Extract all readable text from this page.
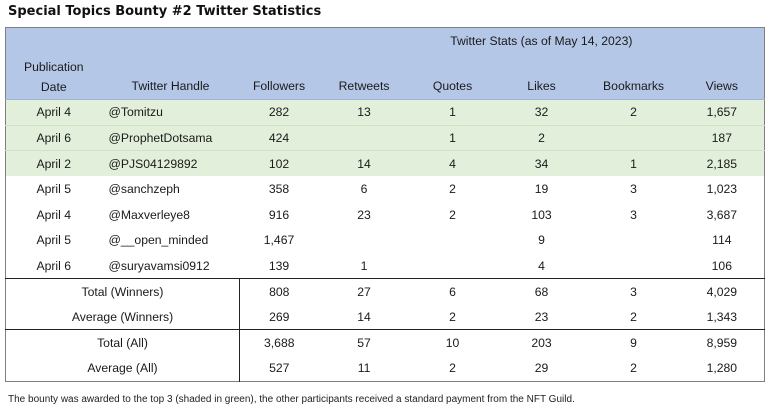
Special Topics Bounty #2 Twitter Statistics
			Twitter Stats (as of May 14, 2023)				
Publication
Date	Twitter Handle	Followers	Retweets	Quotes	Likes	Bookmarks	Views
April 4	@Tomitzu	282	13	1	32	2	1,657
April 6	@ProphetDotsama	424		1	2		187
April 2	@PJS04129892	102	14	4	34	1	2,185
April 5	@sanchzeph	358	6	2	19	3	1,023
April 4	@Maxverleye8	916	23	2	103	3	3,687
April 5	@__open_minded	1,467			9		114
April 6	@suryavamsi0912	139	1		4		106
Total (Winners)		808	27	6	68	3	4,029
Average (Winners)		269	14	2	23	2	1,343
Total (All)		3,688	57	10	203	9	8,959
Average (All)		527	11	2	29	2	1,280
The bounty was awarded to the top 3 (shaded in green), the other participants received a standard payment from the NFT Guild.
